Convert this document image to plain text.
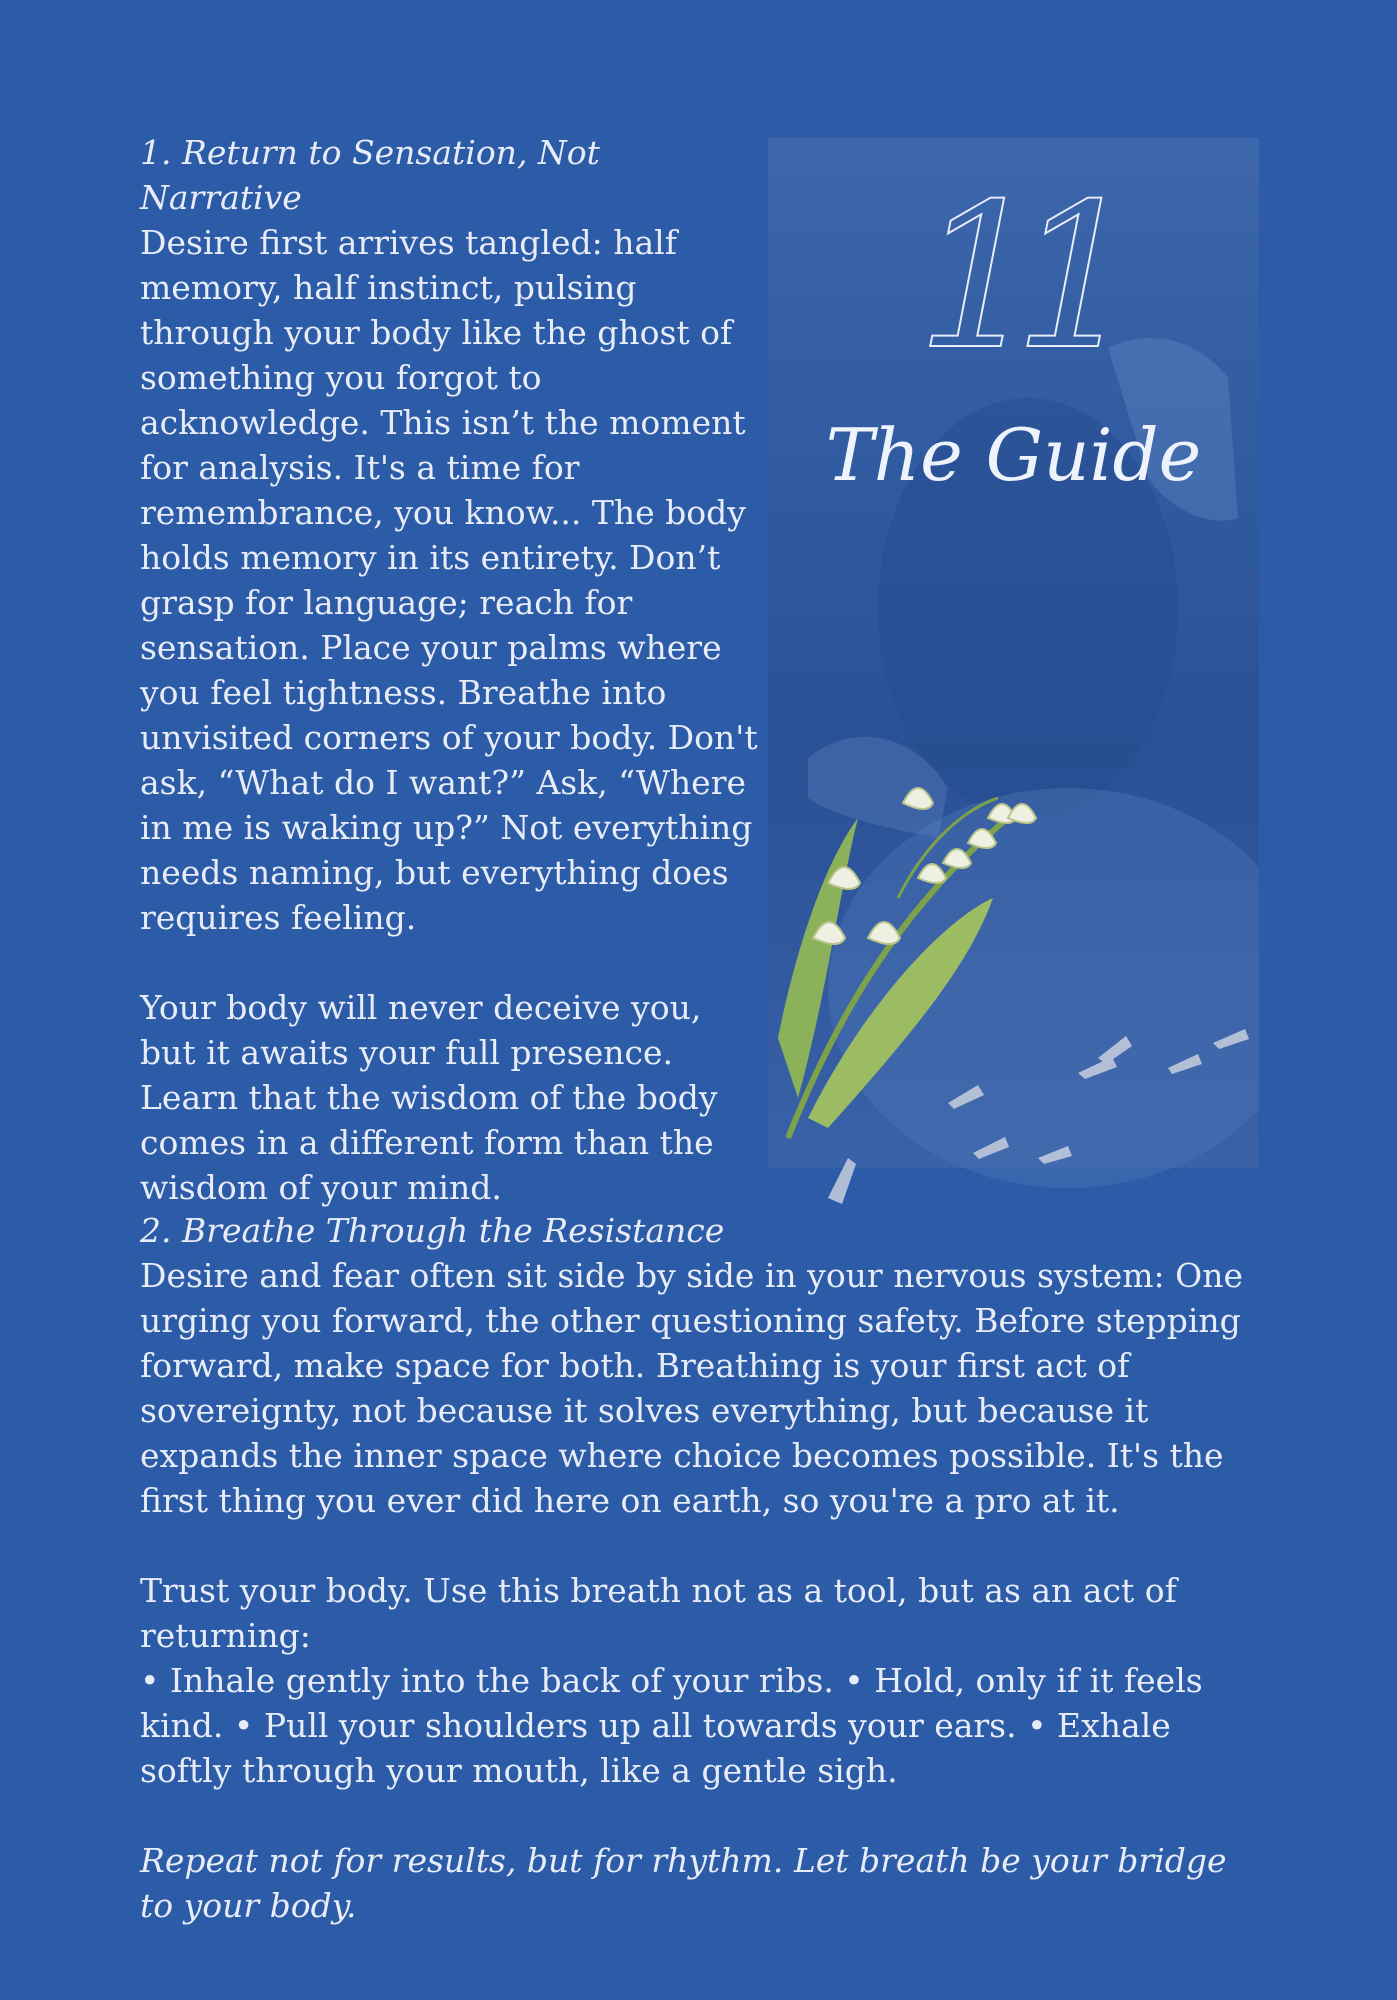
1. Return to Sensation, Not Narrative

Desire first arrives tangled: half memory, half instinct, pulsing through your body like the ghost of something you forgot to acknowledge. This isn’t the moment for analysis. It's a time for remembrance, you know... The body holds memory in its entirety. Don’t grasp for language; reach for sensation. Place your palms where you feel tightness. Breathe into unvisited corners of your body. Don't ask, “What do I want?” Ask, “Where in me is waking up?” Not everything needs naming, but everything does requires feeling.

Your body will never deceive you, but it awaits your full presence. Learn that the wisdom of the body comes in a different form than the wisdom of your mind.

11
The Guide
2. Breathe Through the Resistance

Desire and fear often sit side by side in your nervous system: One urging you forward, the other questioning safety. Before stepping forward, make space for both. Breathing is your first act of sovereignty, not because it solves everything, but because it expands the inner space where choice becomes possible. It's the first thing you ever did here on earth, so you're a pro at it.

Trust your body. Use this breath not as a tool, but as an act of returning:

• Inhale gently into the back of your ribs. • Hold, only if it feels kind. • Pull your shoulders up all towards your ears. • Exhale softly through your mouth, like a gentle sigh.

Repeat not for results, but for rhythm. Let breath be your bridge to your body.
